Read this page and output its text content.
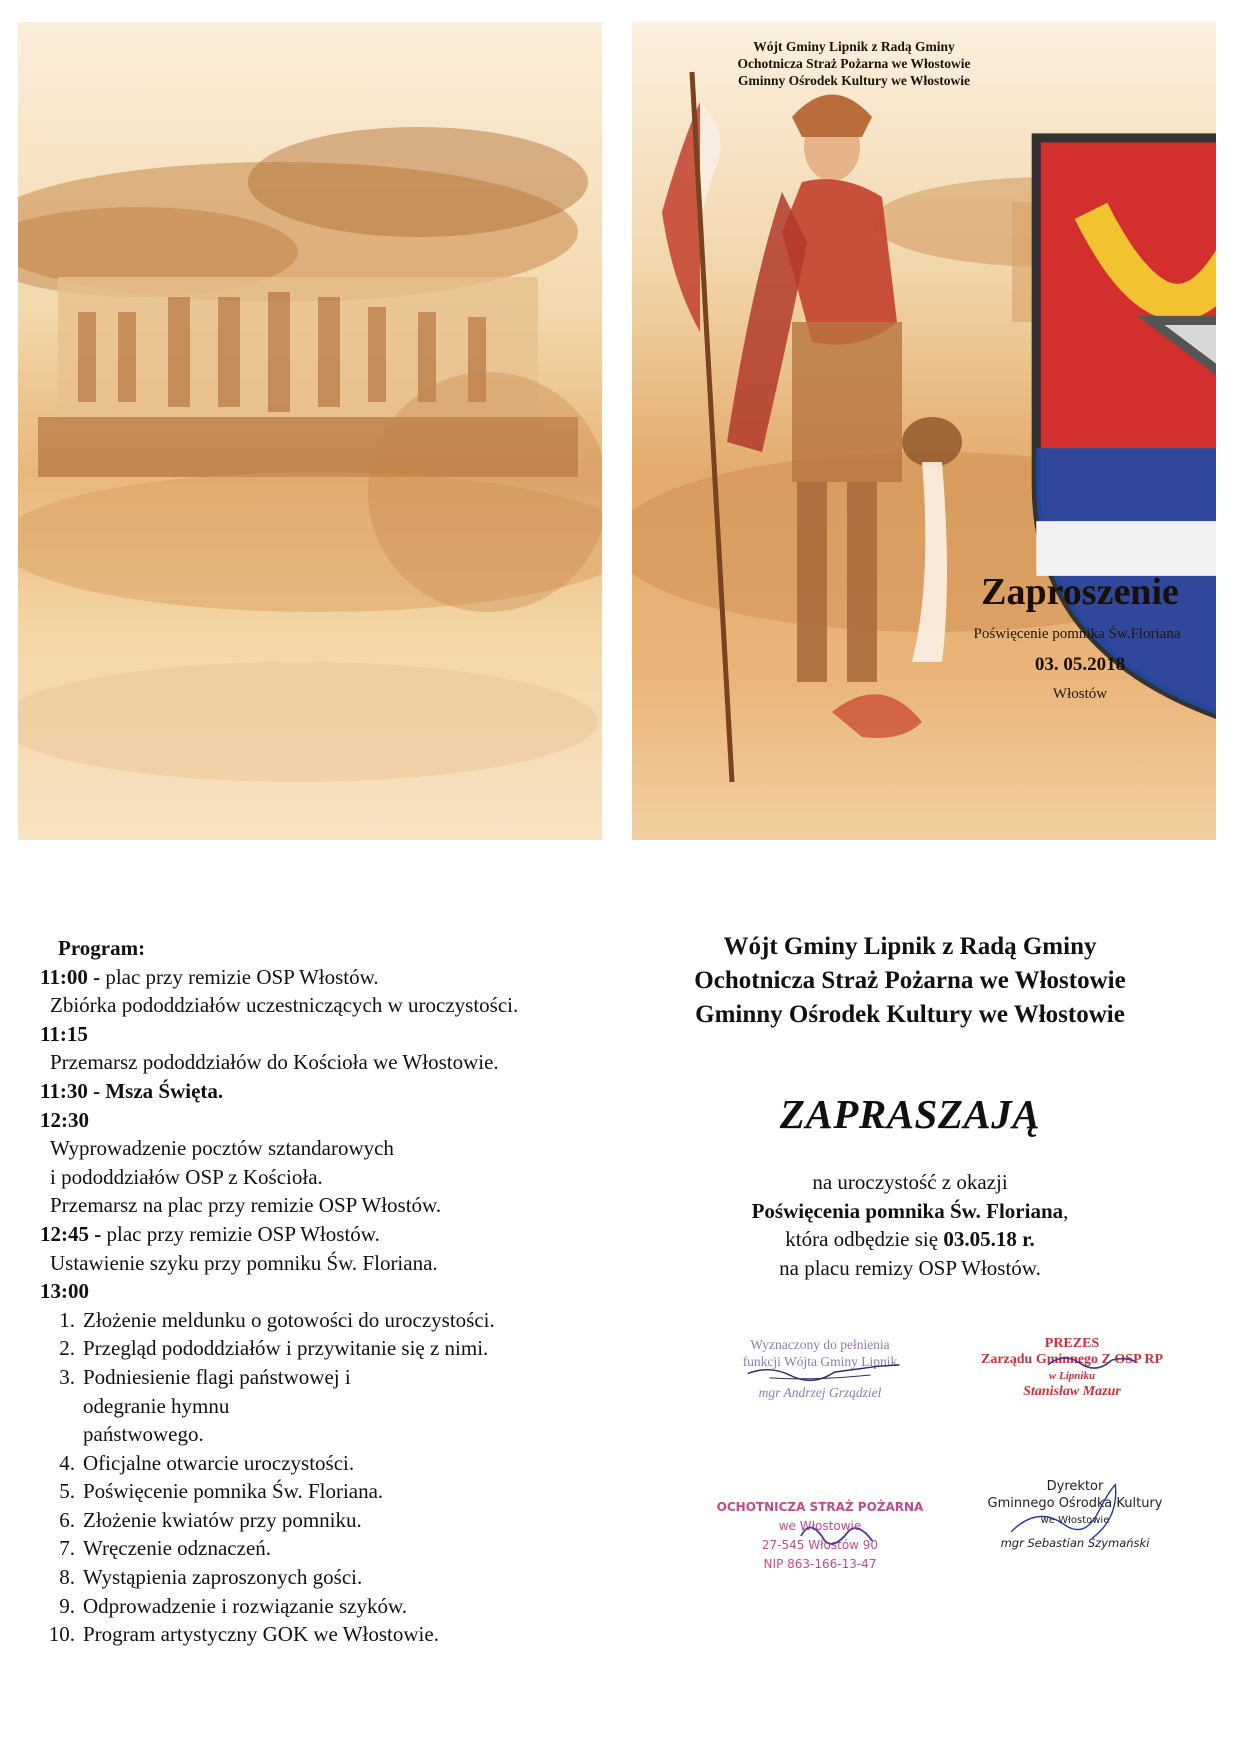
Wójt Gminy Lipnik z Radą Gminy
Ochotnicza Straż Pożarna we Włostowie
Gminny Ośrodek Kultury we Włostowie
Zaproszenie
Poświęcenie pomnika Św.Floriana
03. 05.2018
Włostów
Program:
11:00 - plac przy remizie OSP Włostów.
Zbiórka pododdziałów uczestniczących w uroczystości.
11:15
Przemarsz pododdziałów do Kościoła we Włostowie.
11:30 - Msza Święta.
12:30
Wyprowadzenie pocztów sztandarowych
i pododdziałów OSP z Kościoła.
Przemarsz na plac przy remizie OSP Włostów.
12:45 - plac przy remizie OSP Włostów.
Ustawienie szyku przy pomniku Św. Floriana.
13:00
1. Złożenie meldunku o gotowości do uroczystości.
2. Przegląd pododdziałów i przywitanie się z nimi.
3. Podniesienie flagi państwowej i odegranie hymnu państwowego.
4. Oficjalne otwarcie uroczystości.
5. Poświęcenie pomnika Św. Floriana.
6. Złożenie kwiatów przy pomniku.
7. Wręczenie odznaczeń.
8. Wystąpienia zaproszonych gości.
9. Odprowadzenie i rozwiązanie szyków.
10. Program artystyczny GOK we Włostowie.
Wójt Gminy Lipnik z Radą Gminy
Ochotnicza Straż Pożarna we Włostowie
Gminny Ośrodek Kultury we Włostowie
ZAPRASZAJĄ
na uroczystość z okazji
Poświęcenia pomnika Św. Floriana,
która odbędzie się 03.05.18 r.
na placu remizy OSP Włostów.
Wyznaczony do pełnienia
funkcji Wójta Gminy Lipnik
mgr Andrzej Grządziel
PREZES
Zarządu Gminnego Z OSP RP
w Lipniku
Stanisław Mazur
OCHOTNICZA STRAŻ POŻARNA
we Włostowie
27-545 Włostów 90
NIP 863-166-13-47
Dyrektor
Gminnego Ośrodka Kultury
we Włostowie
mgr Sebastian Szymański
